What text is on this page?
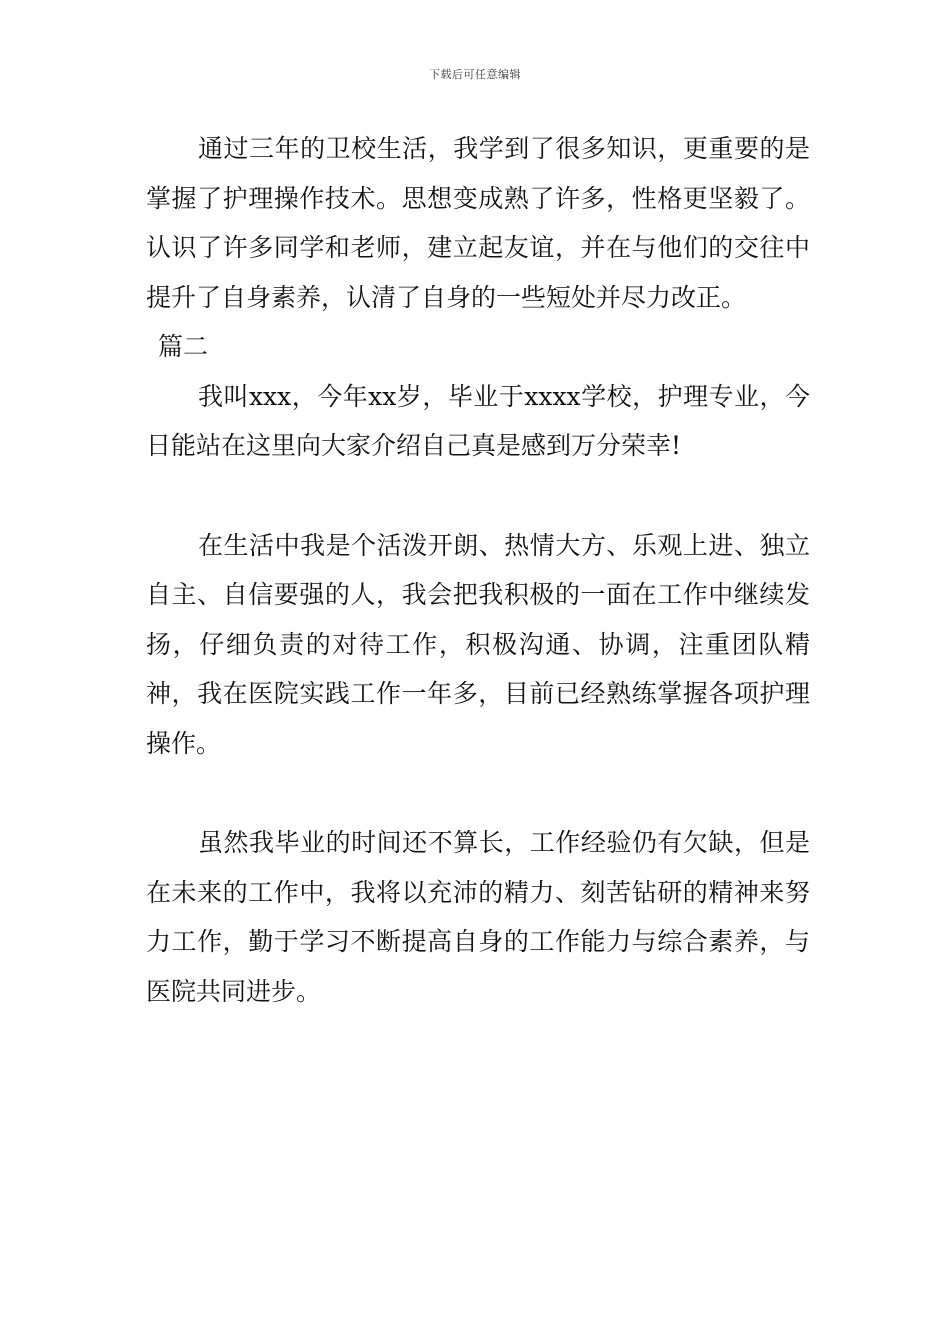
下载后可任意编辑

通过三年的卫校生活，我学到了很多知识，更重要的是掌握了护理操作技术。思想变成熟了许多，性格更坚毅了。认识了许多同学和老师，建立起友谊，并在与他们的交往中提升了自身素养，认清了自身的一些短处并尽力改正。

篇二

我叫xxx，今年xx岁，毕业于xxxx学校，护理专业，今日能站在这里向大家介绍自己真是感到万分荣幸!

在生活中我是个活泼开朗、热情大方、乐观上进、独立自主、自信要强的人，我会把我积极的一面在工作中继续发扬，仔细负责的对待工作，积极沟通、协调，注重团队精神，我在医院实践工作一年多，目前已经熟练掌握各项护理操作。

虽然我毕业的时间还不算长，工作经验仍有欠缺，但是在未来的工作中，我将以充沛的精力、刻苦钻研的精神来努力工作，勤于学习不断提高自身的工作能力与综合素养，与医院共同进步。
